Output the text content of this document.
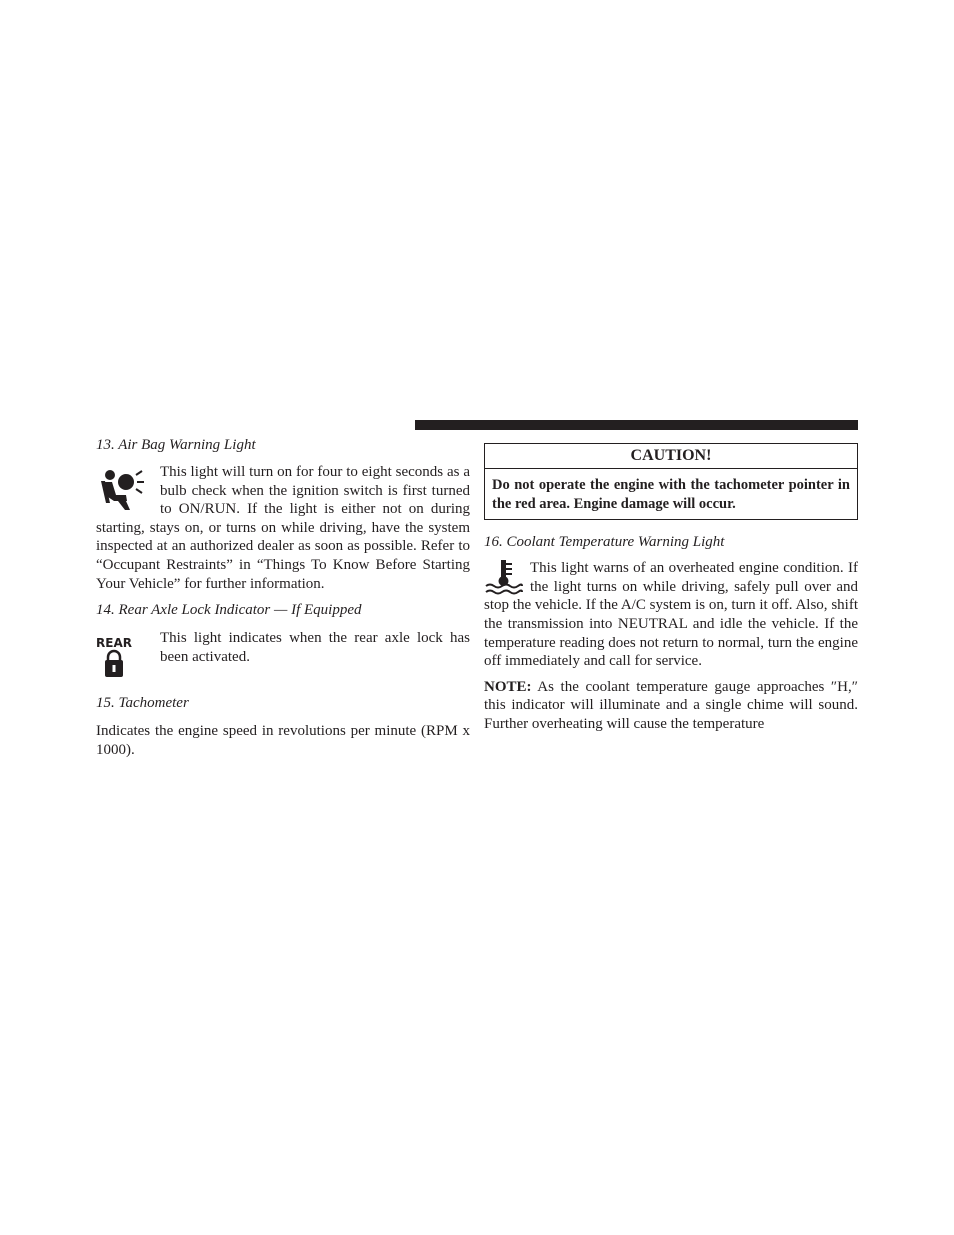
13. Air Bag Warning Light

This light will turn on for four to eight seconds as a bulb check when the ignition switch is first turned to ON/RUN. If the light is either not on during starting, stays on, or turns on while driving, have the system inspected at an authorized dealer as soon as possible. Refer to “Occupant Restraints” in “Things To Know Before Starting Your Vehicle” for further information.

14. Rear Axle Lock Indicator — If Equipped

REAR	This light indicates when the rear axle lock has been activated.

15. Tachometer

Indicates the engine speed in revolutions per minute (RPM x 1000).

CAUTION!
Do not operate the engine with the tachometer pointer in the red area. Engine damage will occur.

16. Coolant Temperature Warning Light

This light warns of an overheated engine condition. If the light turns on while driving, safely pull over and stop the vehicle. If the A/C system is on, turn it off. Also, shift the transmission into NEUTRAL and idle the vehicle. If the temperature reading does not return to normal, turn the engine off immediately and call for service.

NOTE: As the coolant temperature gauge approaches ″H,″ this indicator will illuminate and a single chime will sound. Further overheating will cause the temperature
